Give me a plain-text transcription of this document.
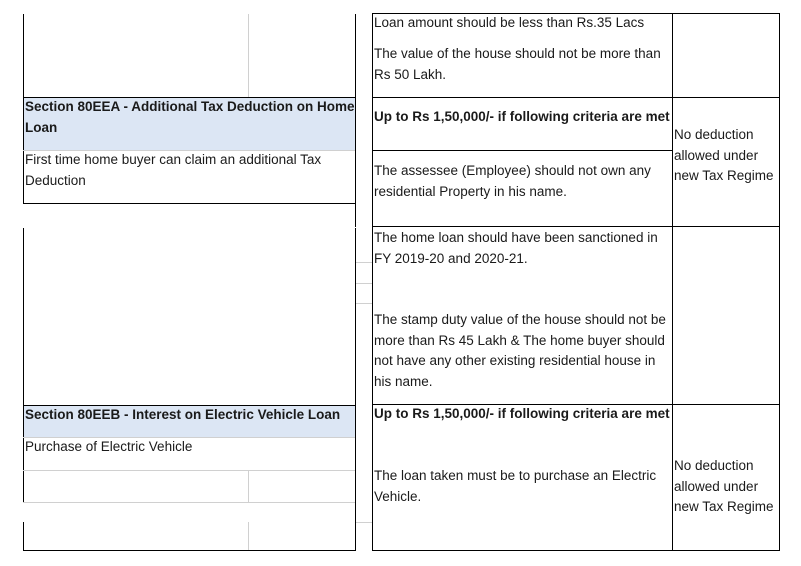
Section 80EEA - Additional Tax Deduction on Home Loan
First time home buyer can claim an additional Tax Deduction
Section 80EEB - Interest on Electric Vehicle Loan
Purchase of Electric Vehicle
Loan amount should be less than Rs.35 Lacs
The value of the house should not be more than Rs 50 Lakh.
Up to Rs 1,50,000/- if following criteria are met
The assessee (Employee) should not own any residential Property in his name.
No deduction allowed under new Tax Regime
The home loan should have been sanctioned in FY 2019-20 and 2020-21.
The stamp duty value of the house should not be more than Rs 45 Lakh & The home buyer should not have any other existing residential house in his name.
Up to Rs 1,50,000/- if following criteria are met
The loan taken must be to purchase an Electric Vehicle.
No deduction allowed under new Tax Regime
